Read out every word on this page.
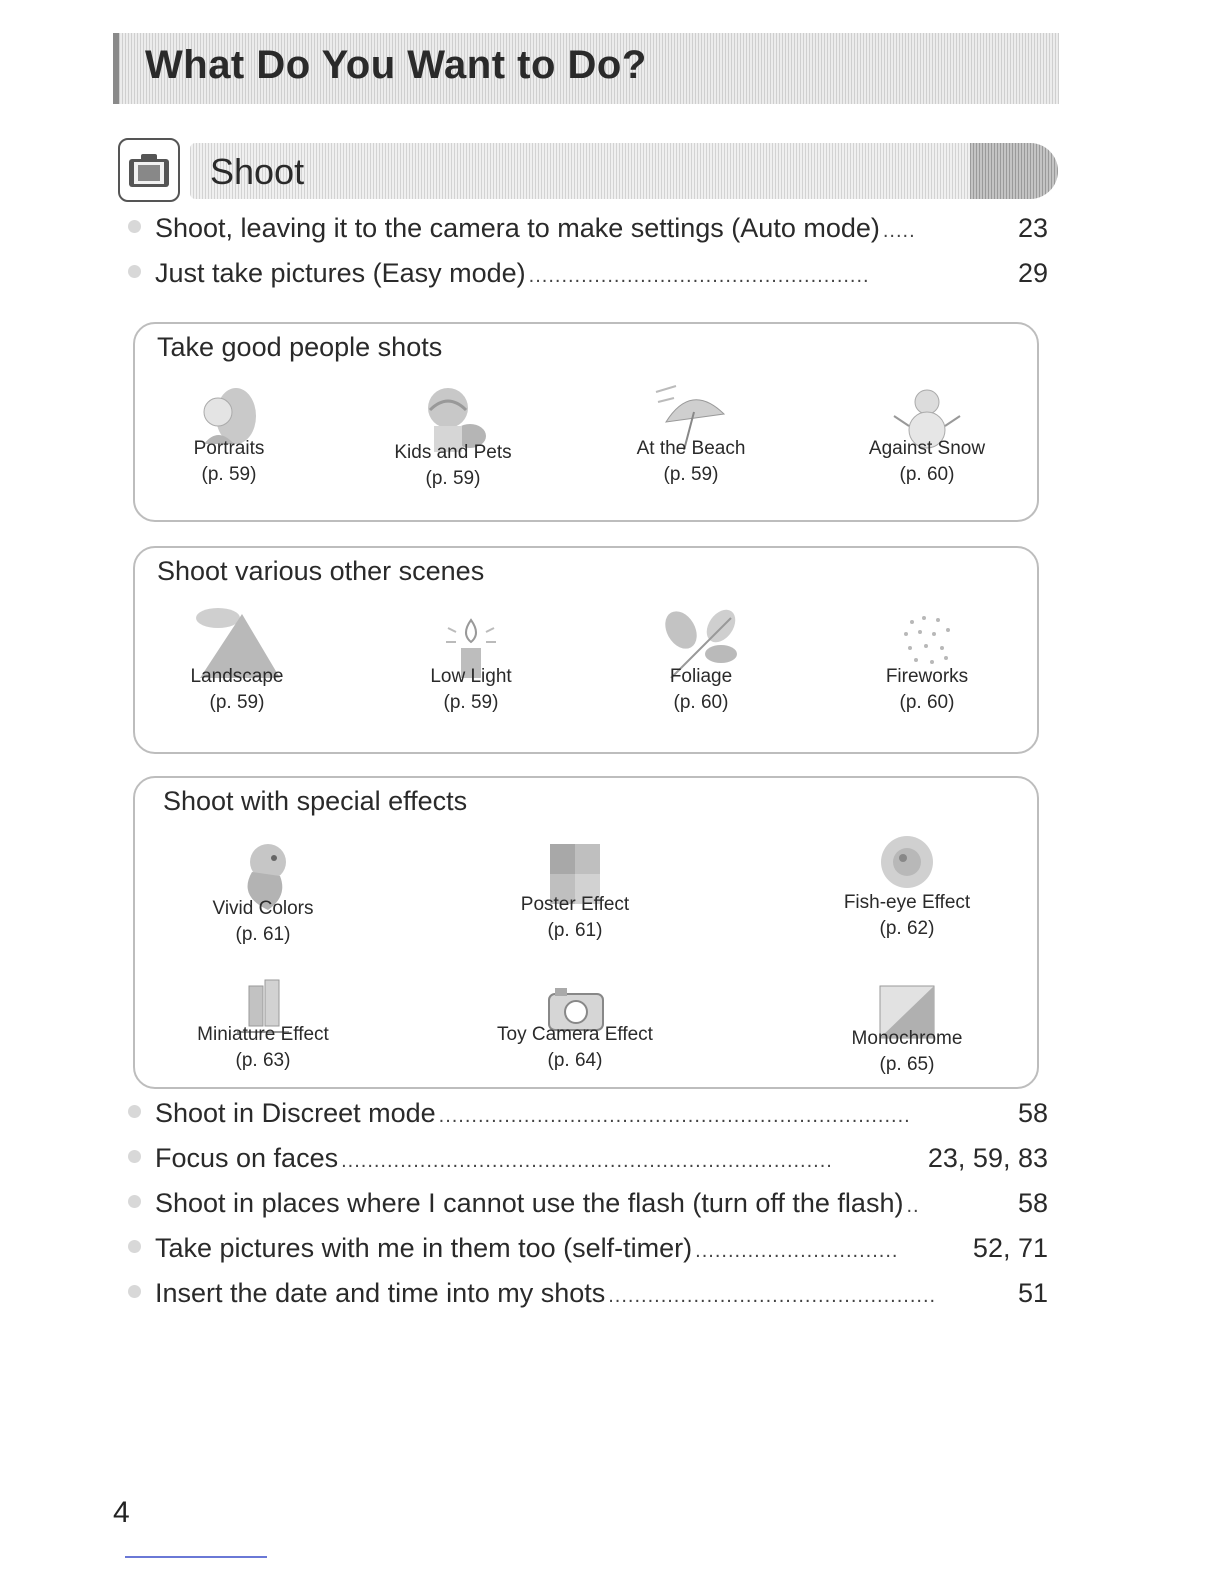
What Do You Want to Do?
Shoot
Shoot, leaving it to the camera to make settings (Auto mode) .....	23
Just take pictures (Easy mode) ....................................................	29
Take good people shots
Portraits
(p. 59)
Kids and Pets
(p. 59)
At the Beach
(p. 59)
Against Snow
(p. 60)
Shoot various other scenes
Landscape
(p. 59)
Low Light
(p. 59)
Foliage
(p. 60)
Fireworks
(p. 60)
Shoot with special effects
Vivid Colors
(p. 61)
Poster Effect
(p. 61)
Fish-eye Effect
(p. 62)
Miniature Effect
(p. 63)
Toy Camera Effect
(p. 64)
Monochrome
(p. 65)
Shoot in Discreet mode ........................................................................	58
Focus on faces ...........................................................................	23, 59, 83
Shoot in places where I cannot use the flash (turn off the flash) ..	58
Take pictures with me in them too (self-timer) ...............................	52, 71
Insert the date and time into my shots ..................................................	51
4
